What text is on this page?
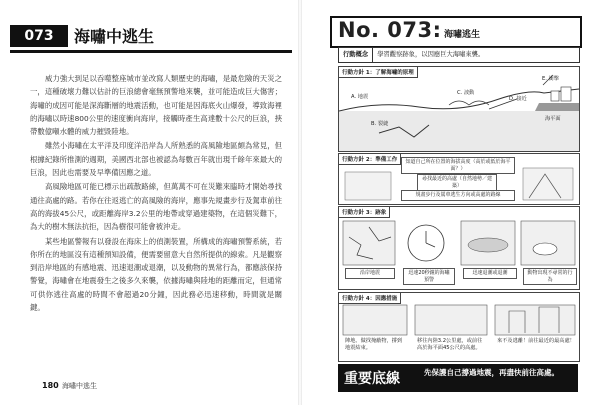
073	海嘯中逃生

威力強大到足以吞噬整座城市並改寫人類歷史的海嘯，是最危險的天災之一，這種破壞力難以估計的巨浪總會毫無預警地來襲，並可能造成巨大傷害；海嘯的成因可能是深海斷層的地震活動，也可能是因海底火山爆發，導致海裡的海嘯以時速800公里的速度衝向海岸，接觸時產生高達數十公尺的巨浪，挾帶數億噸水體的威力摧毀陸地。

雖然小海嘯在太平洋及印度洋沿岸為人所熟悉的高風險地區頗為常見，但根據紀錄所推測的週期，美國西北部也被認為每數百年就出現千餘年來最大的巨浪，因此也需要及早準備因應之道。

高風險地區可能已標示出疏散路線，但萬萬不可在災難來臨時才開始尋找通往高處的路。若你在往返逃亡的高風險的海岸，應事先規畫步行及駕車前往高的海拔45公尺，或距離海岸3.2公里的地帶或穿過建築物，在這個災難下，為大的樹木無法抗拒，因為樹很可能會被沖走。

某些地區警報有以發設在海床上的偵測裝置，所構成的海嘯預警系統，若你所在的地區沒有這種預知設備，便需要留意大自然所提供的線索。凡是觀察到沿岸地區的有感地震、迅速退潮或退潮，以及動物的異常行為，都應該保持警覺，海嘯會在地震發生之後多久來襲，依據海嘯與陸地的距離而定，但通常可供你逃往高處的時間不會超過20分鐘，因此務必迅速移動，時間就是關鍵。

180 海嘯中逃生
No. 073: 海嘯逃生
行動概念 學習觀察跡象，以因應巨大海嘯來襲。
行動方針 1：了解海嘯的原理
A. 地震
B. 裂縫
C. 波動
D. 接近
E. 衝擊
海平面
行動方針 2：準備工作	知道自己所在位置的海拔高度（高於或低於海平面？）
尋找最近的高處（自然地勢／建築）
規畫步行及駕車逃生方向或高處的路線
行動方針 3：跡象
沿岸地震	迅速20秒鐘的海嘯預警
迅速退潮或退潮	動物出現不尋常的行為
行動方針 4：因應措施
陣地、做找掩蔽物，撐到地震結束。
移往內陸3.2公里處，或前往高於海平面45公尺的高處。
來不及逃離！前往最近的最高處！
重要底線	先保護自己撐過地震，再盡快前往高處。
